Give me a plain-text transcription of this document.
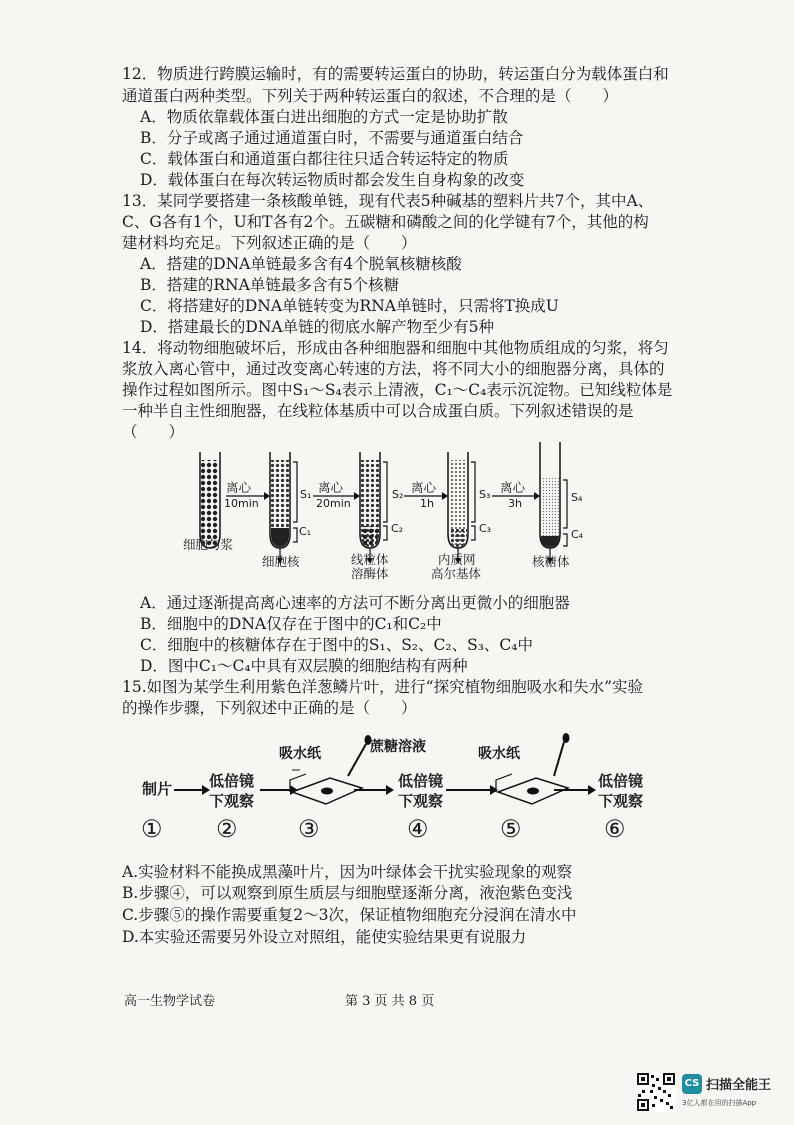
12．物质进行跨膜运输时，有的需要转运蛋白的协助，转运蛋白分为载体蛋白和
通道蛋白两种类型。下列关于两种转运蛋白的叙述，不合理的是（　　）
A．物质依靠载体蛋白进出细胞的方式一定是协助扩散
B．分子或离子通过通道蛋白时，不需要与通道蛋白结合
C．载体蛋白和通道蛋白都往往只适合转运特定的物质
D．载体蛋白在每次转运物质时都会发生自身构象的改变
13．某同学要搭建一条核酸单链，现有代表5种碱基的塑料片共7个，其中A、
C、G各有1个，U和T各有2个。五碳糖和磷酸之间的化学键有7个，其他的构
建材料均充足。下列叙述正确的是（　　）
A．搭建的DNA单链最多含有4个脱氧核糖核酸
B．搭建的RNA单链最多含有5个核糖
C．将搭建好的DNA单链转变为RNA单链时，只需将T换成U
D．搭建最长的DNA单链的彻底水解产物至少有5种
14．将动物细胞破坏后，形成由各种细胞器和细胞中其他物质组成的匀浆，将匀
浆放入离心管中，通过改变离心转速的方法，将不同大小的细胞器分离，具体的
操作过程如图所示。图中S₁～S₄表示上清液，C₁～C₄表示沉淀物。已知线粒体是
一种半自主性细胞器，在线粒体基质中可以合成蛋白质。下列叙述错误的是
（　　）
离心
10min
离心
20min
离心
1h
离心
3h
S₁	S₂	S₃	S₄
C₁	C₂	C₃	C₄
细胞匀浆
细胞核	线粒体
溶酶体
内质网
高尔基体
核糖体
A．通过逐渐提高离心速率的方法可不断分离出更微小的细胞器
B．细胞中的DNA仅存在于图中的C₁和C₂中
C．细胞中的核糖体存在于图中的S₁、S₂、C₂、S₃、C₄中
D．图中C₁～C₄中具有双层膜的细胞结构有两种
15.如图为某学生利用紫色洋葱鳞片叶，进行“探究植物细胞吸水和失水”实验
的操作步骤，下列叙述中正确的是（　　）
制片 低倍镜
下观察
低倍镜
下观察
低倍镜
下观察
吸水纸	蔗糖溶液	吸水纸
① ②	③	④	⑤	⑥
A.实验材料不能换成黑藻叶片，因为叶绿体会干扰实验现象的观察
B.步骤④，可以观察到原生质层与细胞壁逐渐分离，液泡紫色变浅
C.步骤⑤的操作需要重复2～3次，保证植物细胞充分浸润在清水中
D.本实验还需要另外设立对照组，能使实验结果更有说服力
高一生物学试卷	第 3 页 共 8 页
CS 扫描全能王
3亿人都在用的扫描App
